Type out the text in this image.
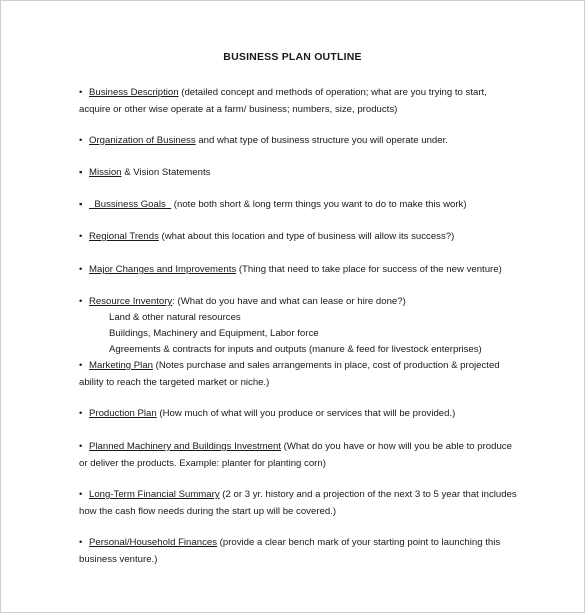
BUSINESS PLAN OUTLINE
• Business Description (detailed concept and methods of operation; what are you trying to start, acquire or other wise operate at a farm/ business; numbers, size, products)
• Organization of Business and what type of business structure you will operate under.
▪ Mission & Vision Statements
▪  Bussiness Goals   (note both short & long term things you want to do to make this work)
• Regional Trends (what about this location and type of business will allow its success?)
• Major Changes and Improvements (Thing that need to take place for success of the new venture)
• Resource Inventory: (What do you have and what can lease or hire done?)
Land & other natural resources
Buildings, Machinery and Equipment, Labor force
Agreements & contracts for inputs and outputs (manure & feed for livestock enterprises)
• Marketing Plan (Notes purchase and sales arrangements in place, cost of production & projected ability to reach the targeted market or niche.)
• Production Plan (How much of what will you produce or services that will be provided.)
• Planned Machinery and Buildings Investment (What do you have or how will you be able to produce or deliver the products. Example: planter for planting corn)
• Long-Term Financial Summary (2 or 3 yr. history and a projection of the next 3 to 5 year that includes how the cash flow needs during the start up will be covered.)
• Personal/Household Finances (provide a clear bench mark of your starting point to launching this business venture.)
